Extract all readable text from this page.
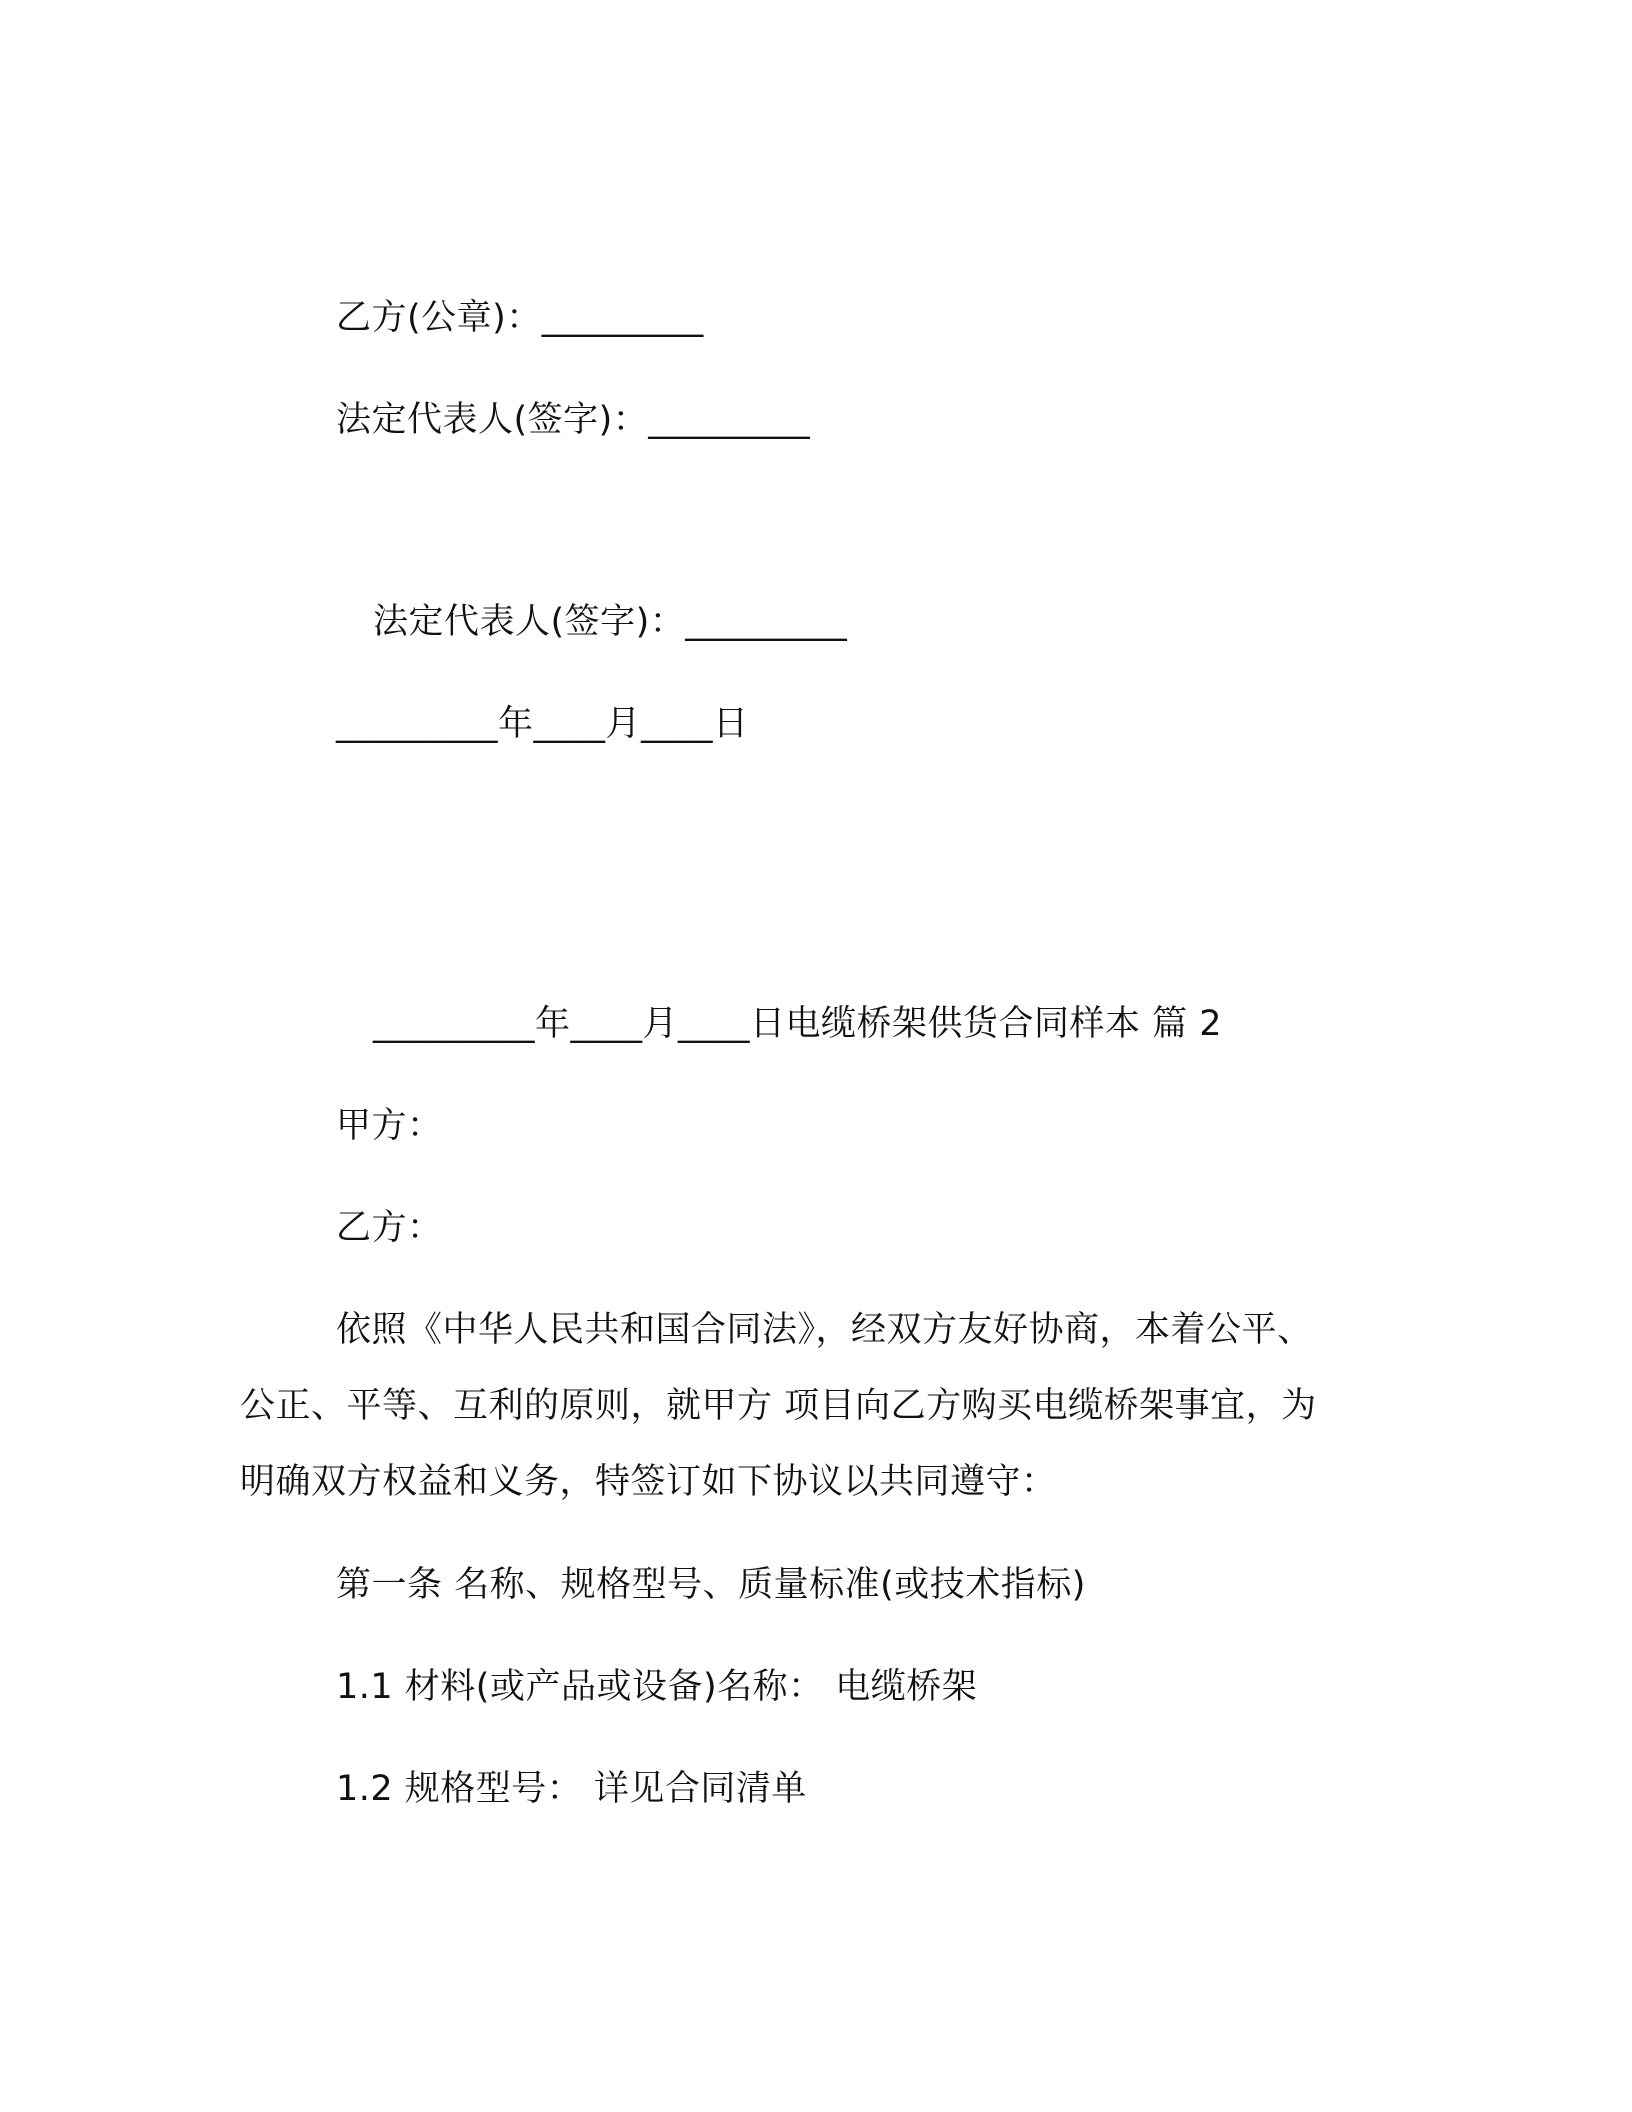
乙方(公章)：_________
法定代表人(签字)：_________
法定代表人(签字)：_________
_________年____月____日
_________年____月____日电缆桥架供货合同样本 篇 2
甲方：
乙方：
依照《中华人民共和国合同法》，经双方友好协商，本着公平、
公正、平等、互利的原则，就甲方 项目向乙方购买电缆桥架事宜，为
明确双方权益和义务，特签订如下协议以共同遵守：
第一条 名称、规格型号、质量标准(或技术指标)
1.1 材料(或产品或设备)名称： 电缆桥架
1.2 规格型号： 详见合同清单
